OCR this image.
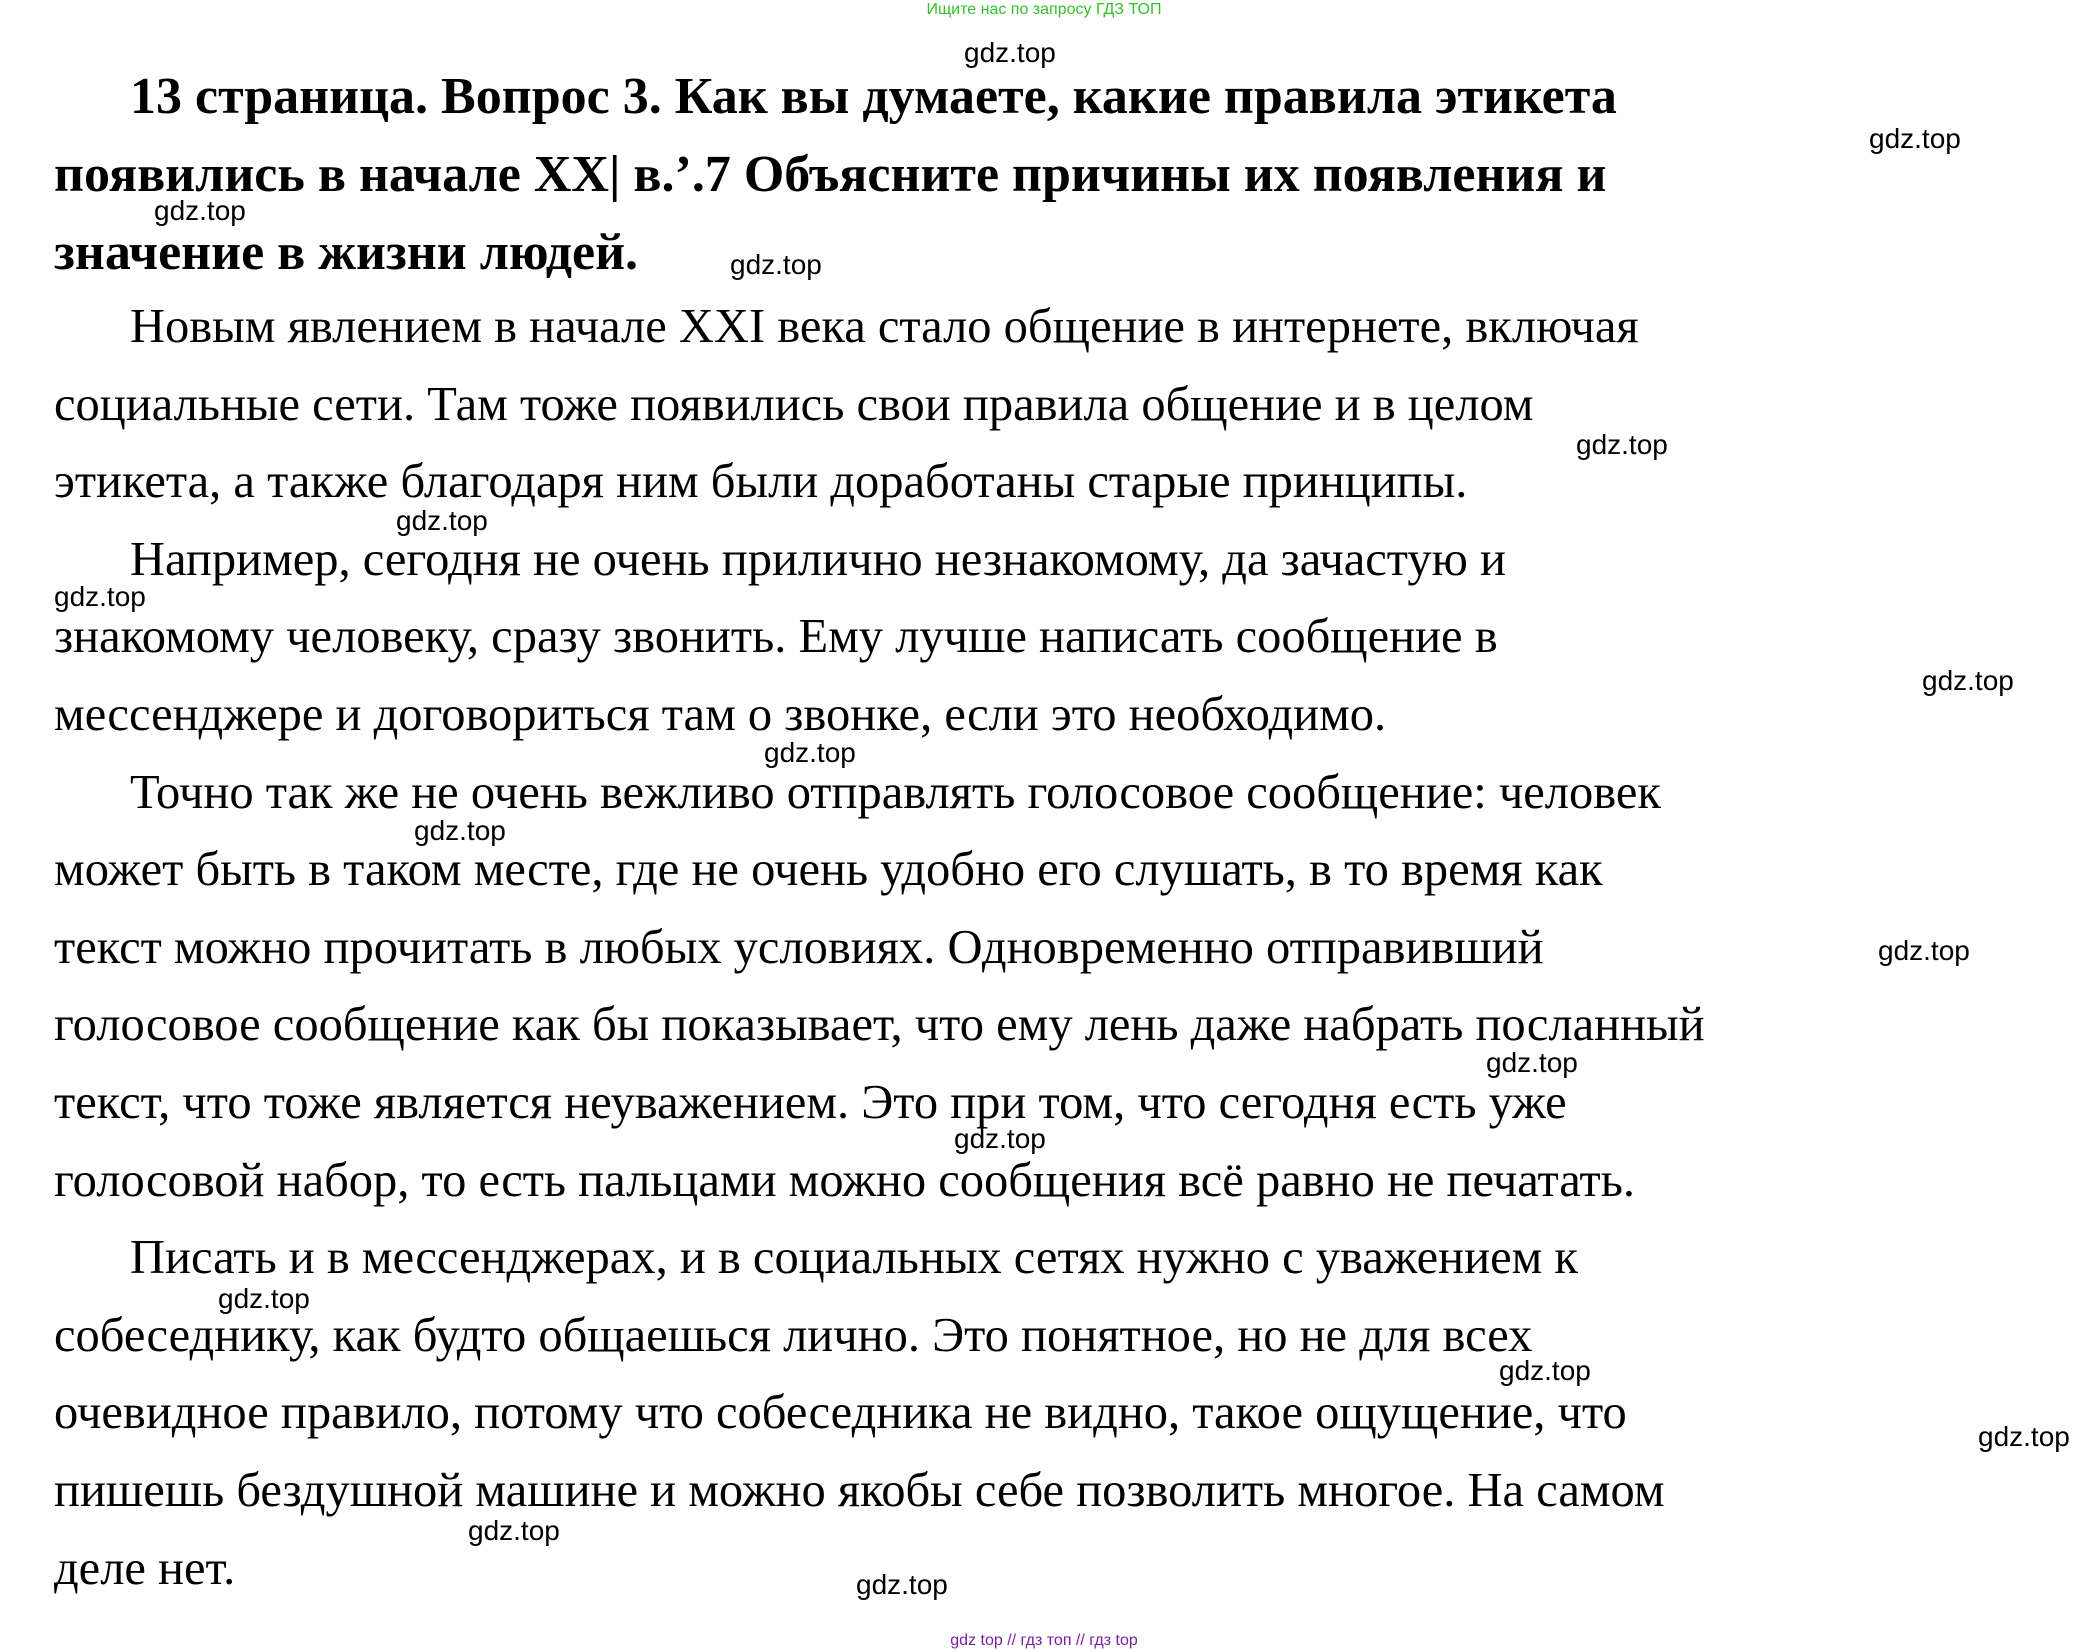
Ищите нас по запросу ГДЗ ТОП
13 страница. Вопрос 3. Как вы думаете, какие правила этикета появились в начале XX| в.’.7 Объясните причины их появления и значение в жизни людей.

Новым явлением в начале XXI века стало общение в интернете, включая
социальные сети. Там тоже появились свои правила общение и в целом
этикета, а также благодаря ним были доработаны старые принципы.

Например, сегодня не очень прилично незнакомому, да зачастую и
знакомому человеку, сразу звонить. Ему лучше написать сообщение в
мессенджере и договориться там о звонке, если это необходимо.

Точно так же не очень вежливо отправлять голосовое сообщение: человек
может быть в таком месте, где не очень удобно его слушать, в то время как
текст можно прочитать в любых условиях. Одновременно отправивший
голосовое сообщение как бы показывает, что ему лень даже набрать посланный
текст, что тоже является неуважением. Это при том, что сегодня есть уже
голосовой набор, то есть пальцами можно сообщения всё равно не печатать.

Писать и в мессенджерах, и в социальных сетях нужно с уважением к
собеседнику, как будто общаешься лично. Это понятное, но не для всех
очевидное правило, потому что собеседника не видно, такое ощущение, что
пишешь бездушной машине и можно якобы себе позволить многое. На самом
деле нет.

gdz.top
gdz.top
gdz.top
gdz.top
gdz.top
gdz.top
gdz.top
gdz.top
gdz.top
gdz.top
gdz.top
gdz.top
gdz.top
gdz.top
gdz.top
gdz.top
gdz.top
gdz.top
gdz top // гдз топ // гдз top
